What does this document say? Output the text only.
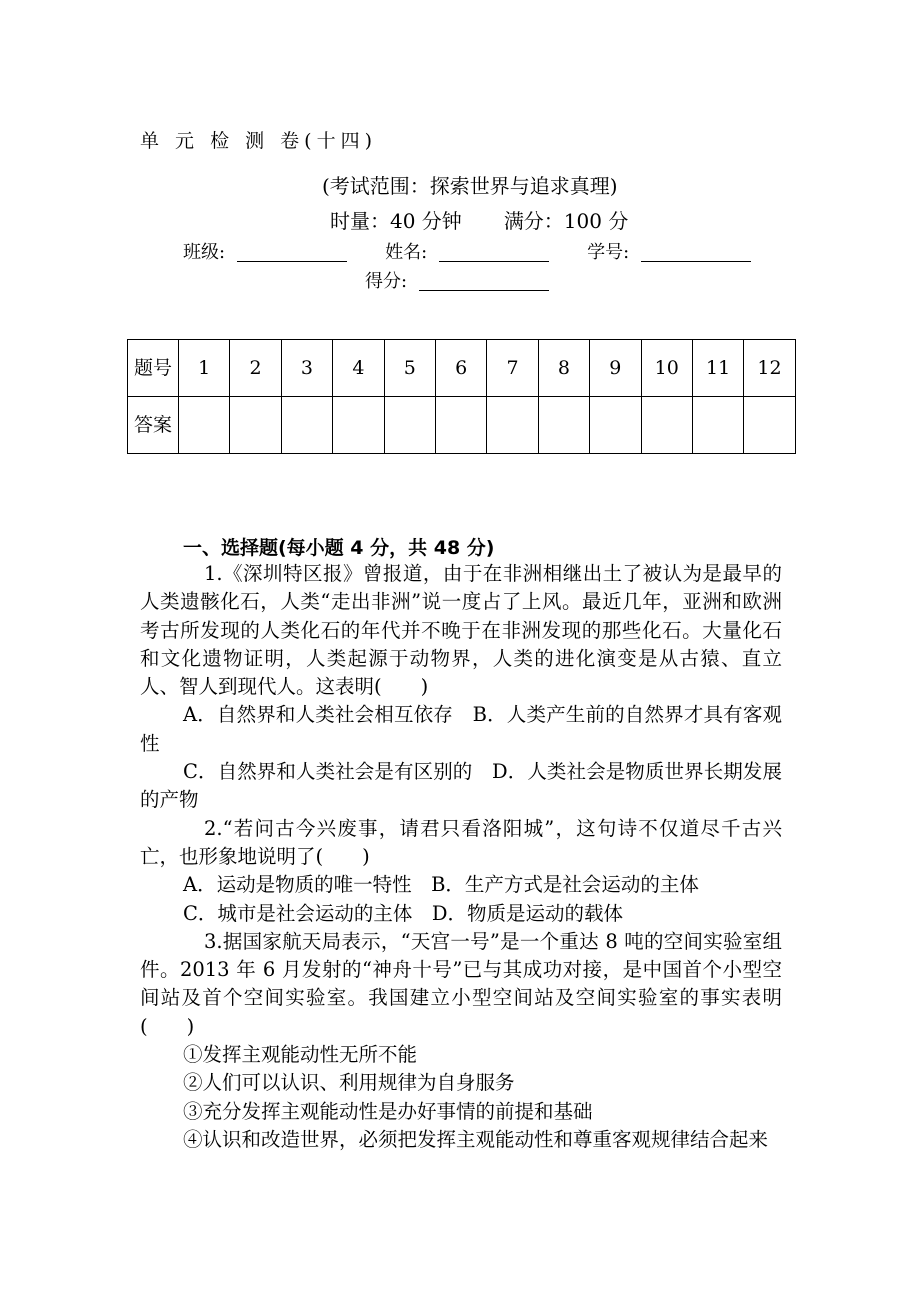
单 元 检 测 卷(十四)
(考试范围：探索世界与追求真理)
时量：40 分钟 满分：100 分
班级:	姓名:	学号:
得分:
题号	1	2	3	4	5	6	7	8	9	10	11	12
答案												
一、选择题(每小题 4 分，共 48 分)

1.《深圳特区报》曾报道，由于在非洲相继出土了被认为是最早的人类遗骸化石，人类“走出非洲”说一度占了上风。最近几年，亚洲和欧洲考古所发现的人类化石的年代并不晚于在非洲发现的那些化石。大量化石和文化遗物证明，人类起源于动物界，人类的进化演变是从古猿、直立人、智人到现代人。这表明(　　)

A．自然界和人类社会相互依存　B．人类产生前的自然界才具有客观性

C．自然界和人类社会是有区别的　D．人类社会是物质世界长期发展的产物

2.“若问古今兴废事，请君只看洛阳城”，这句诗不仅道尽千古兴亡，也形象地说明了(　　)

A．运动是物质的唯一特性　B．生产方式是社会运动的主体

C．城市是社会运动的主体　D．物质是运动的载体

3.据国家航天局表示，“天宫一号”是一个重达 8 吨的空间实验室组件。2013 年 6 月发射的“神舟十号”已与其成功对接，是中国首个小型空间站及首个空间实验室。我国建立小型空间站及空间实验室的事实表明(　　)

①发挥主观能动性无所不能

②人们可以认识、利用规律为自身服务

③充分发挥主观能动性是办好事情的前提和基础

④认识和改造世界，必须把发挥主观能动性和尊重客观规律结合起来
